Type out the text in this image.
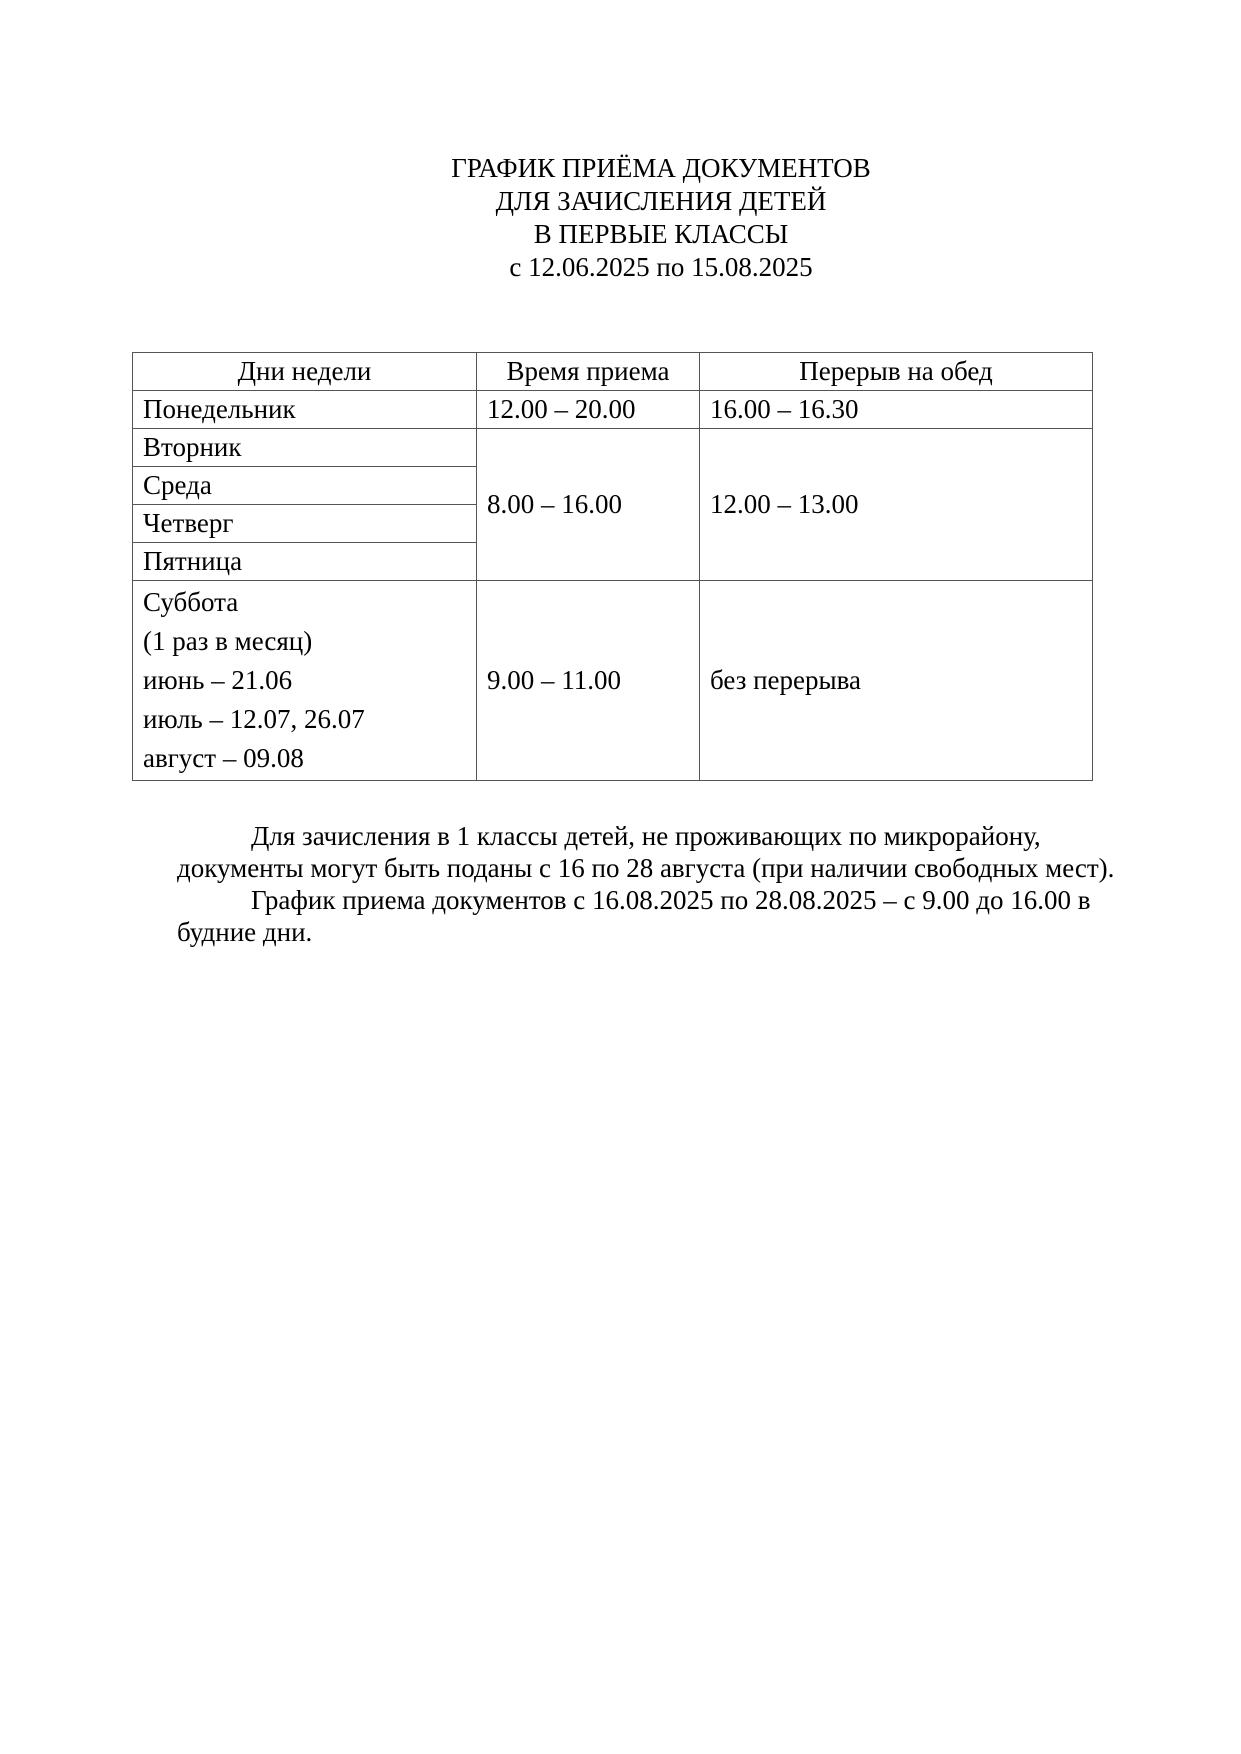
ГРАФИК ПРИЁМА ДОКУМЕНТОВ
ДЛЯ ЗАЧИСЛЕНИЯ ДЕТЕЙ
В ПЕРВЫЕ КЛАССЫ
с 12.06.2025 по 15.08.2025
Дни недели	Время приема	Перерыв на обед
Понедельник	12.00 – 20.00	16.00 – 16.30
Вторник	8.00 – 16.00	12.00 – 13.00
Среда		
Четверг		
Пятница		

Суббота
(1 раз в месяц)
июнь – 21.06
июль – 12.07, 26.07
август – 09.08	9.00 – 11.00	без перерыва

Для зачисления в 1 классы детей, не проживающих по микрорайону, документы могут быть поданы с 16 по 28 августа (при наличии свободных мест).

График приема документов с 16.08.2025 по 28.08.2025 – с 9.00 до 16.00 в будние дни.
